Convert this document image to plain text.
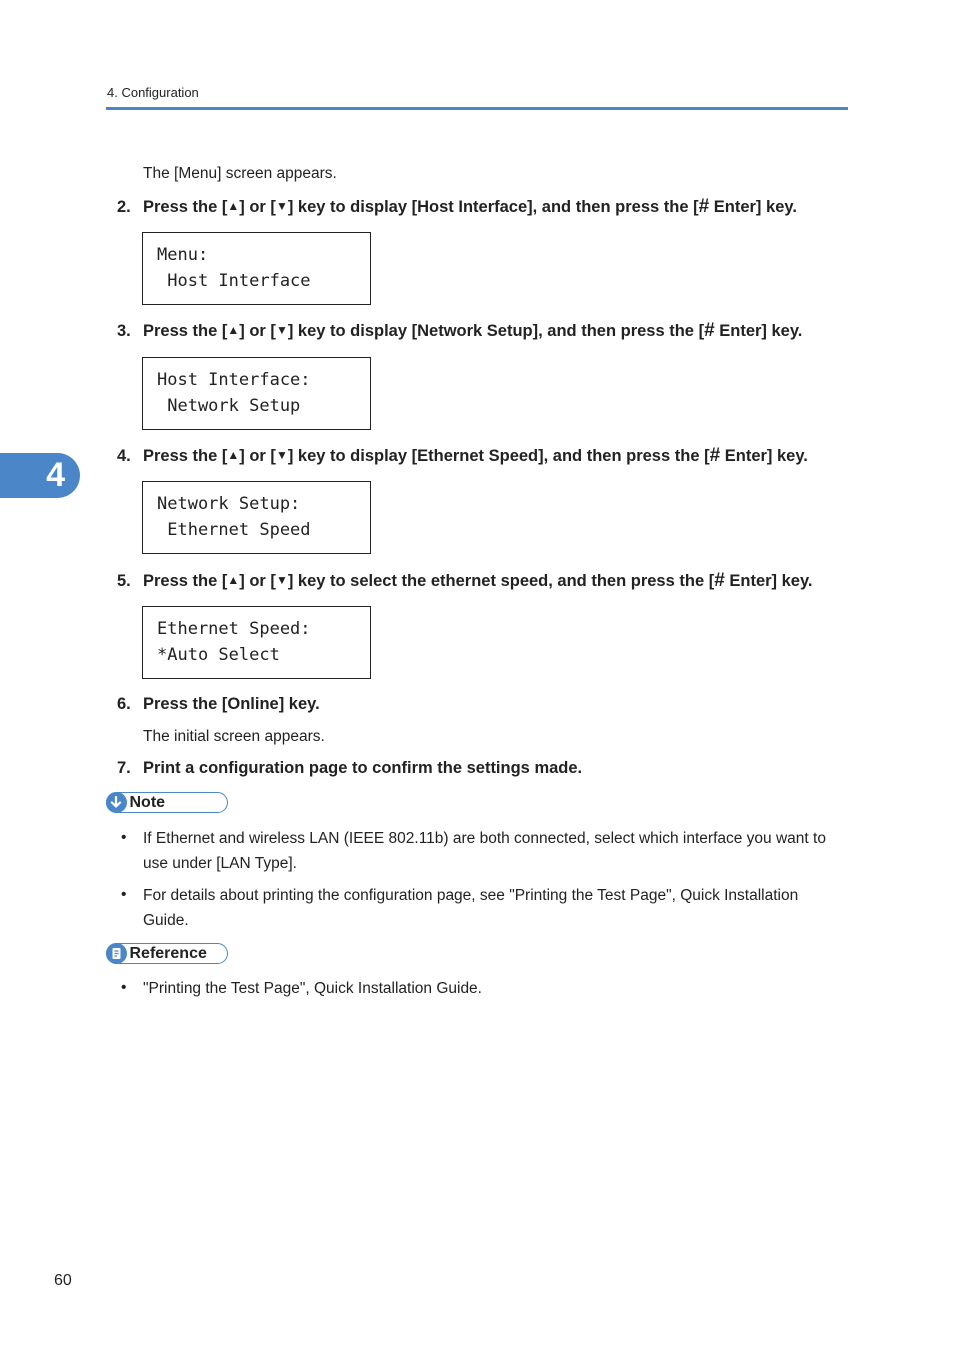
4. Configuration
4
The [Menu] screen appears.
2. Press the [▲] or [▼] key to display [Host Interface], and then press the [# Enter] key.
Menu:
Host Interface
3. Press the [▲] or [▼] key to display [Network Setup], and then press the [# Enter] key.
Host Interface:
Network Setup
4. Press the [▲] or [▼] key to display [Ethernet Speed], and then press the [# Enter] key.
Network Setup:
Ethernet Speed
5. Press the [▲] or [▼] key to select the ethernet speed, and then press the [# Enter] key.
Ethernet Speed:
*Auto Select
6. Press the [Online] key.
The initial screen appears.
7. Print a configuration page to confirm the settings made.
Note
• If Ethernet and wireless LAN (IEEE 802.11b) are both connected, select which interface you want to
use under [LAN Type].
• For details about printing the configuration page, see "Printing the Test Page", Quick Installation
Guide.
Reference
• "Printing the Test Page", Quick Installation Guide.
60
